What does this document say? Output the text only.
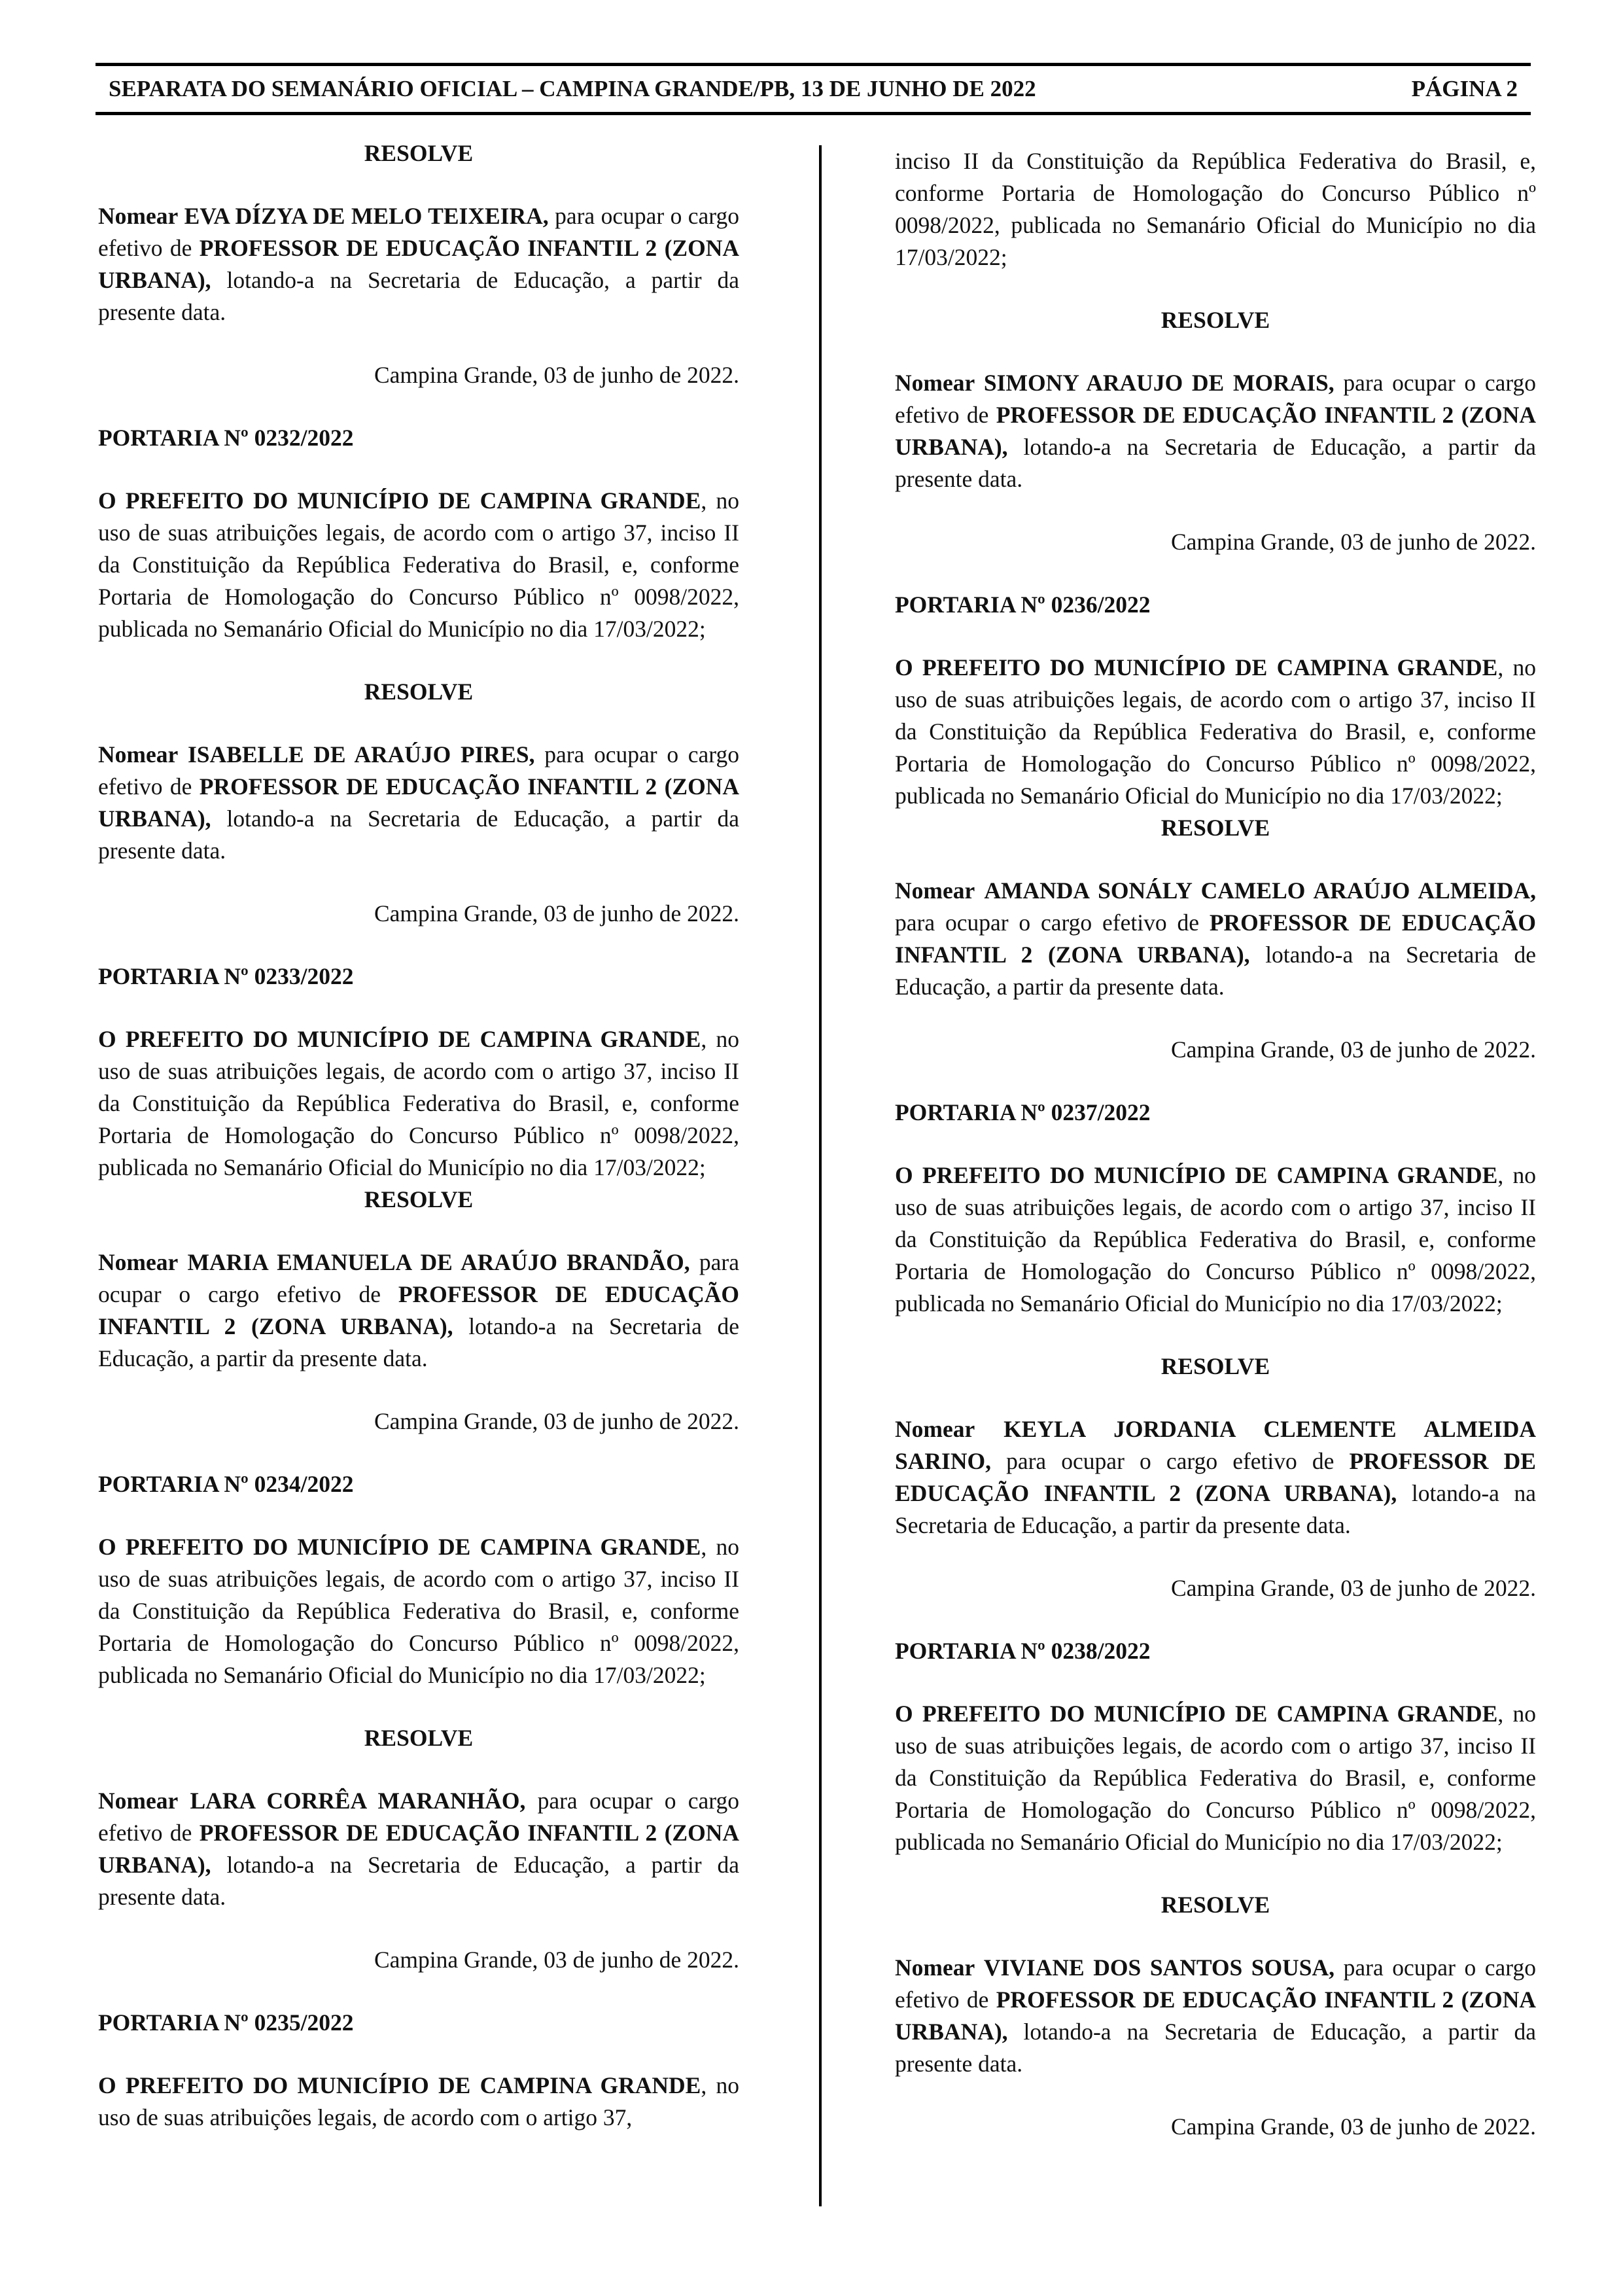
SEPARATA DO SEMANÁRIO OFICIAL – CAMPINA GRANDE/PB, 13 DE JUNHO DE 2022	PÁGINA 2

RESOLVE

Nomear EVA DÍZYA DE MELO TEIXEIRA, para ocupar o cargo efetivo de PROFESSOR DE EDUCAÇÃO INFANTIL 2 (ZONA URBANA), lotando-a na Secretaria de Educação, a partir da presente data.

Campina Grande, 03 de junho de 2022.

PORTARIA Nº 0232/2022

O PREFEITO DO MUNICÍPIO DE CAMPINA GRANDE, no uso de suas atribuições legais, de acordo com o artigo 37, inciso II da Constituição da República Federativa do Brasil, e, conforme Portaria de Homologação do Concurso Público nº 0098/2022, publicada no Semanário Oficial do Município no dia 17/03/2022;

RESOLVE

Nomear ISABELLE DE ARAÚJO PIRES, para ocupar o cargo efetivo de PROFESSOR DE EDUCAÇÃO INFANTIL 2 (ZONA URBANA), lotando-a na Secretaria de Educação, a partir da presente data.

Campina Grande, 03 de junho de 2022.

PORTARIA Nº 0233/2022

O PREFEITO DO MUNICÍPIO DE CAMPINA GRANDE, no uso de suas atribuições legais, de acordo com o artigo 37, inciso II da Constituição da República Federativa do Brasil, e, conforme Portaria de Homologação do Concurso Público nº 0098/2022, publicada no Semanário Oficial do Município no dia 17/03/2022;

RESOLVE

Nomear MARIA EMANUELA DE ARAÚJO BRANDÃO, para ocupar o cargo efetivo de PROFESSOR DE EDUCAÇÃO INFANTIL 2 (ZONA URBANA), lotando-a na Secretaria de Educação, a partir da presente data.

Campina Grande, 03 de junho de 2022.

PORTARIA Nº 0234/2022

O PREFEITO DO MUNICÍPIO DE CAMPINA GRANDE, no uso de suas atribuições legais, de acordo com o artigo 37, inciso II da Constituição da República Federativa do Brasil, e, conforme Portaria de Homologação do Concurso Público nº 0098/2022, publicada no Semanário Oficial do Município no dia 17/03/2022;

RESOLVE

Nomear LARA CORRÊA MARANHÃO, para ocupar o cargo efetivo de PROFESSOR DE EDUCAÇÃO INFANTIL 2 (ZONA URBANA), lotando-a na Secretaria de Educação, a partir da presente data.

Campina Grande, 03 de junho de 2022.

PORTARIA Nº 0235/2022

O PREFEITO DO MUNICÍPIO DE CAMPINA GRANDE, no uso de suas atribuições legais, de acordo com o artigo 37,

inciso II da Constituição da República Federativa do Brasil, e, conforme Portaria de Homologação do Concurso Público nº 0098/2022, publicada no Semanário Oficial do Município no dia 17/03/2022;

RESOLVE

Nomear SIMONY ARAUJO DE MORAIS, para ocupar o cargo efetivo de PROFESSOR DE EDUCAÇÃO INFANTIL 2 (ZONA URBANA), lotando-a na Secretaria de Educação, a partir da presente data.

Campina Grande, 03 de junho de 2022.

PORTARIA Nº 0236/2022

O PREFEITO DO MUNICÍPIO DE CAMPINA GRANDE, no uso de suas atribuições legais, de acordo com o artigo 37, inciso II da Constituição da República Federativa do Brasil, e, conforme Portaria de Homologação do Concurso Público nº 0098/2022, publicada no Semanário Oficial do Município no dia 17/03/2022;

RESOLVE

Nomear AMANDA SONÁLY CAMELO ARAÚJO ALMEIDA, para ocupar o cargo efetivo de PROFESSOR DE EDUCAÇÃO INFANTIL 2 (ZONA URBANA), lotando-a na Secretaria de Educação, a partir da presente data.

Campina Grande, 03 de junho de 2022.

PORTARIA Nº 0237/2022

O PREFEITO DO MUNICÍPIO DE CAMPINA GRANDE, no uso de suas atribuições legais, de acordo com o artigo 37, inciso II da Constituição da República Federativa do Brasil, e, conforme Portaria de Homologação do Concurso Público nº 0098/2022, publicada no Semanário Oficial do Município no dia 17/03/2022;

RESOLVE

Nomear KEYLA JORDANIA CLEMENTE ALMEIDA SARINO, para ocupar o cargo efetivo de PROFESSOR DE EDUCAÇÃO INFANTIL 2 (ZONA URBANA), lotando-a na Secretaria de Educação, a partir da presente data.

Campina Grande, 03 de junho de 2022.

PORTARIA Nº 0238/2022

O PREFEITO DO MUNICÍPIO DE CAMPINA GRANDE, no uso de suas atribuições legais, de acordo com o artigo 37, inciso II da Constituição da República Federativa do Brasil, e, conforme Portaria de Homologação do Concurso Público nº 0098/2022, publicada no Semanário Oficial do Município no dia 17/03/2022;

RESOLVE

Nomear VIVIANE DOS SANTOS SOUSA, para ocupar o cargo efetivo de PROFESSOR DE EDUCAÇÃO INFANTIL 2 (ZONA URBANA), lotando-a na Secretaria de Educação, a partir da presente data.

Campina Grande, 03 de junho de 2022.
